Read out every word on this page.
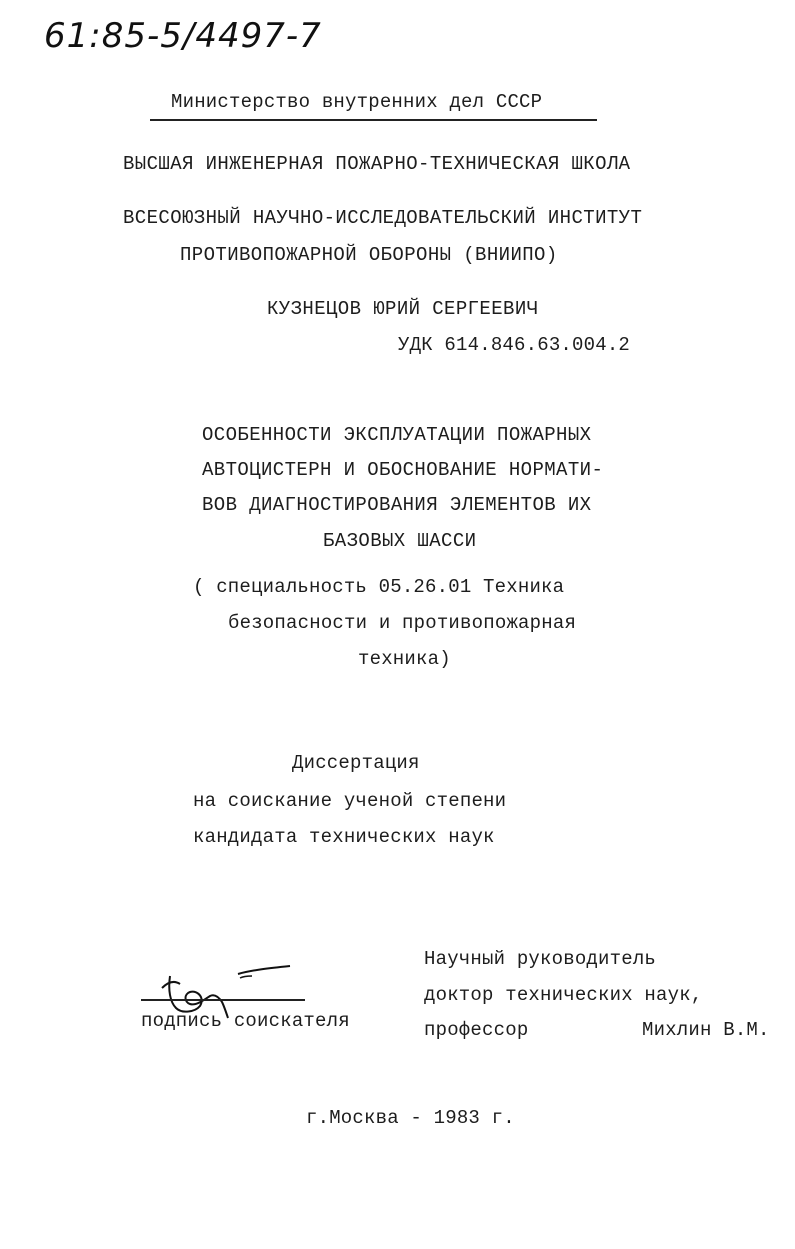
61:85-5/4497-7
Министерство внутренних дел СССР
ВЫСШАЯ ИНЖЕНЕРНАЯ ПОЖАРНО-ТЕХНИЧЕСКАЯ ШКОЛА
ВСЕСОЮЗНЫЙ НАУЧНО-ИССЛЕДОВАТЕЛЬСКИЙ ИНСТИТУТ
ПРОТИВОПОЖАРНОЙ ОБОРОНЫ (ВНИИПО)
КУЗНЕЦОВ ЮРИЙ СЕРГЕЕВИЧ
УДК 614.846.63.004.2
ОСОБЕННОСТИ ЭКСПЛУАТАЦИИ ПОЖАРНЫХ
АВТОЦИСТЕРН И ОБОСНОВАНИЕ НОРМАТИ-
ВОВ ДИАГНОСТИРОВАНИЯ ЭЛЕМЕНТОВ ИХ
БАЗОВЫХ ШАССИ
( специальность 05.26.01 Техника
безопасности и противопожарная
техника)
Диссертация
на соискание ученой степени
кандидата технических наук
Научный руководитель
доктор технических наук,
профессор	Михлин В.М.
подпись соискателя
г.Москва - 1983 г.
